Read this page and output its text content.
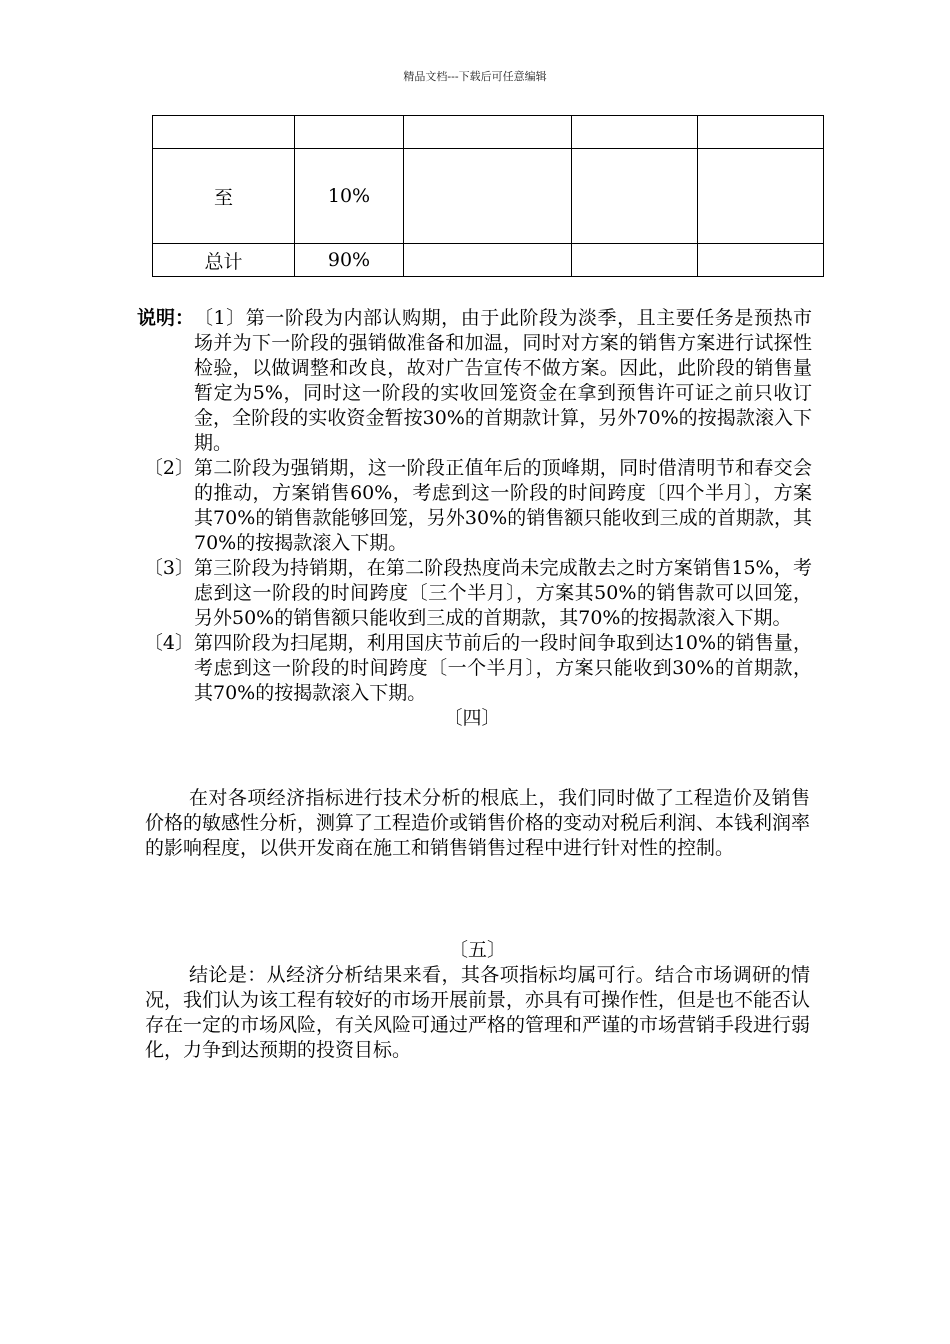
精品文档---下载后可任意编辑

至	10%			
总计	90%			
说明： 〔1〕第一阶段为内部认购期，由于此阶段为淡季，且主要任务是预热市场并为下一阶段的强销做准备和加温，同时对方案的销售方案进行试探性检验，以做调整和改良，故对广告宣传不做方案。因此，此阶段的销售量暂定为5%，同时这一阶段的实收回笼资金在拿到预售许可证之前只收订金，全阶段的实收资金暂按30%的首期款计算，另外70%的按揭款滚入下期。
〔2〕 第二阶段为强销期，这一阶段正值年后的顶峰期，同时借清明节和春交会的推动，方案销售60%，考虑到这一阶段的时间跨度〔四个半月〕，方案其70%的销售款能够回笼，另外30%的销售额只能收到三成的首期款，其70%的按揭款滚入下期。
〔3〕 第三阶段为持销期，在第二阶段热度尚未完成散去之时方案销售15%，考虑到这一阶段的时间跨度〔三个半月〕，方案其50%的销售款可以回笼，另外50%的销售额只能收到三成的首期款，其70%的按揭款滚入下期。
〔4〕 第四阶段为扫尾期，利用国庆节前后的一段时间争取到达10%的销售量，考虑到这一阶段的时间跨度〔一个半月〕，方案只能收到30%的首期款，其70%的按揭款滚入下期。
〔四〕
在对各项经济指标进行技术分析的根底上，我们同时做了工程造价及销售价格的敏感性分析，测算了工程造价或销售价格的变动对税后利润、本钱利润率的影响程度，以供开发商在施工和销售销售过程中进行针对性的控制。
〔五〕
结论是：从经济分析结果来看，其各项指标均属可行。结合市场调研的情况，我们认为该工程有较好的市场开展前景，亦具有可操作性，但是也不能否认存在一定的市场风险，有关风险可通过严格的管理和严谨的市场营销手段进行弱化，力争到达预期的投资目标。
